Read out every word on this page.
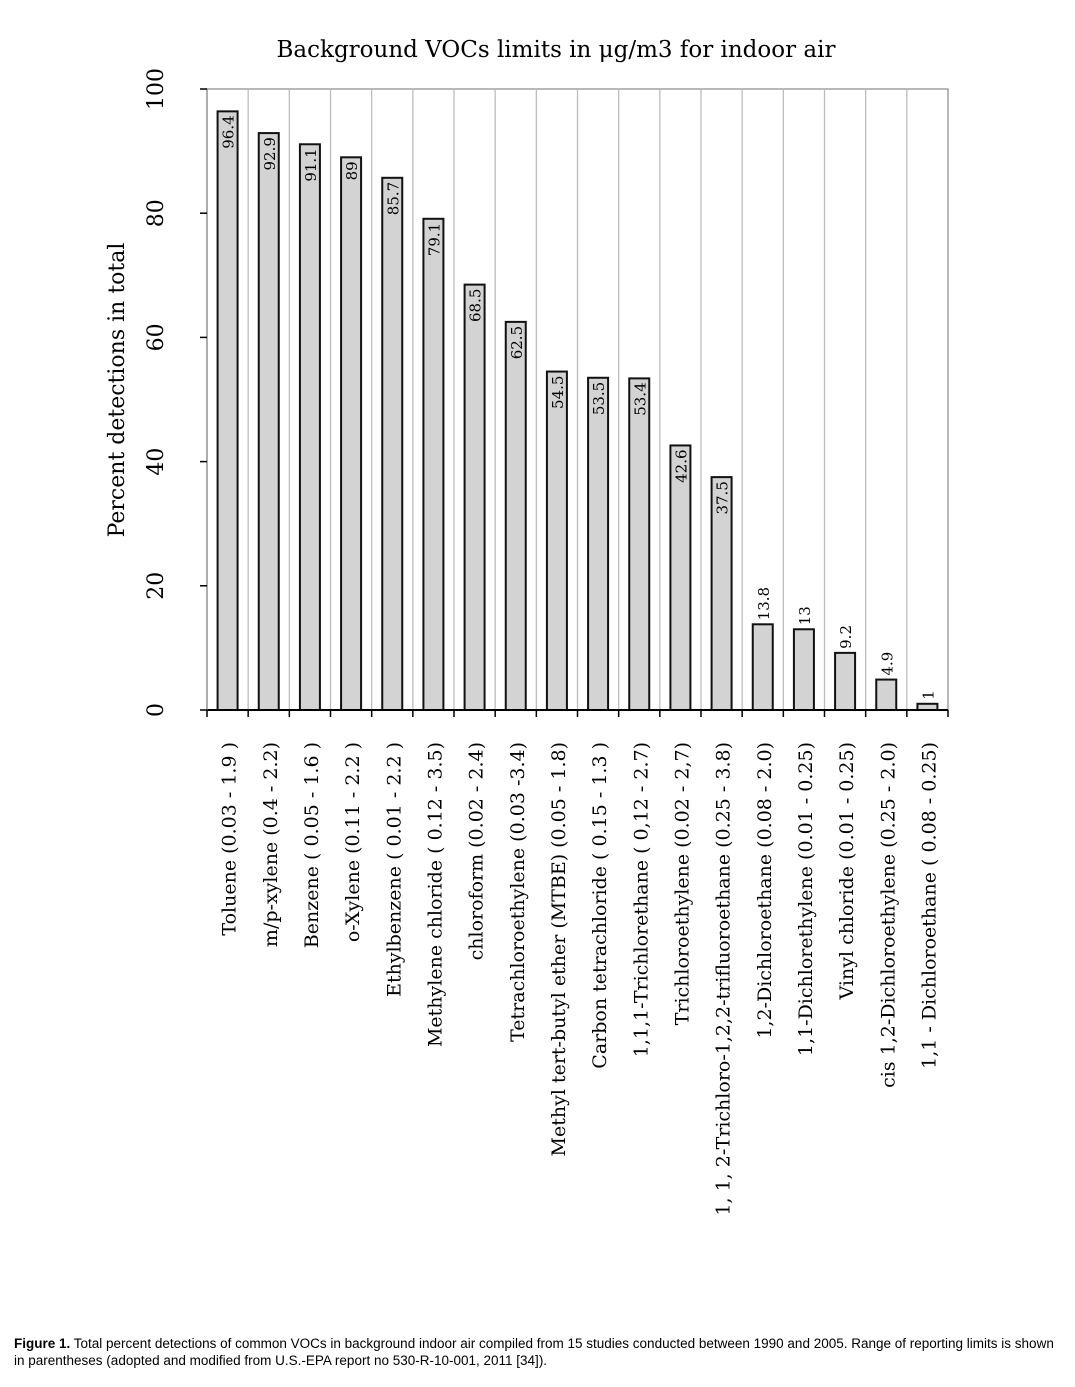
Background VOCs limits in μg/m3 for indoor air
Percent detections in total
96.4
92.9 91.1 89
85.7
79.1
68.5
62.5
54.5 53.5 53.4
42.6
37.5
13.8 13
9.2
4.9
1
0
20
40
60
80
100
Toluene (0.03 - 1.9 ) m/p-xylene (0.4 - 2.2) Benzene ( 0.05 - 1.6 ) o-Xylene (0.11 - 2.2 ) Ethylbenzene ( 0.01 - 2.2 ) Methylene chloride ( 0.12 - 3.5) chloroform (0.02 - 2.4) Tetrachloroethylene (0.03 -3.4) Methyl tert-butyl ether (MTBE) (0.05 - 1.8) Carbon tetrachloride ( 0.15 - 1.3 ) 1,1,1-Trichlorethane ( 0,12 - 2.7) Trichloroethylene (0.02 - 2,7) 1, 1, 2-Trichloro-1,2,2-trifluoroethane (0.25 - 3.8) 1,2-Dichloroethane (0.08 - 2.0) 1,1-Dichlorethylene (0.01 - 0.25) Vinyl chloride (0.01 - 0.25) cis 1,2-Dichloroethylene (0.25 - 2.0) 1,1 - Dichloroethane ( 0.08 - 0.25)
Figure 1. Total percent detections of common VOCs in background indoor air compiled from 15 studies conducted between 1990 and 2005. Range of reporting limits is shown in parentheses (adopted and modified from U.S.-EPA report no 530-R-10-001, 2011 [34]).
